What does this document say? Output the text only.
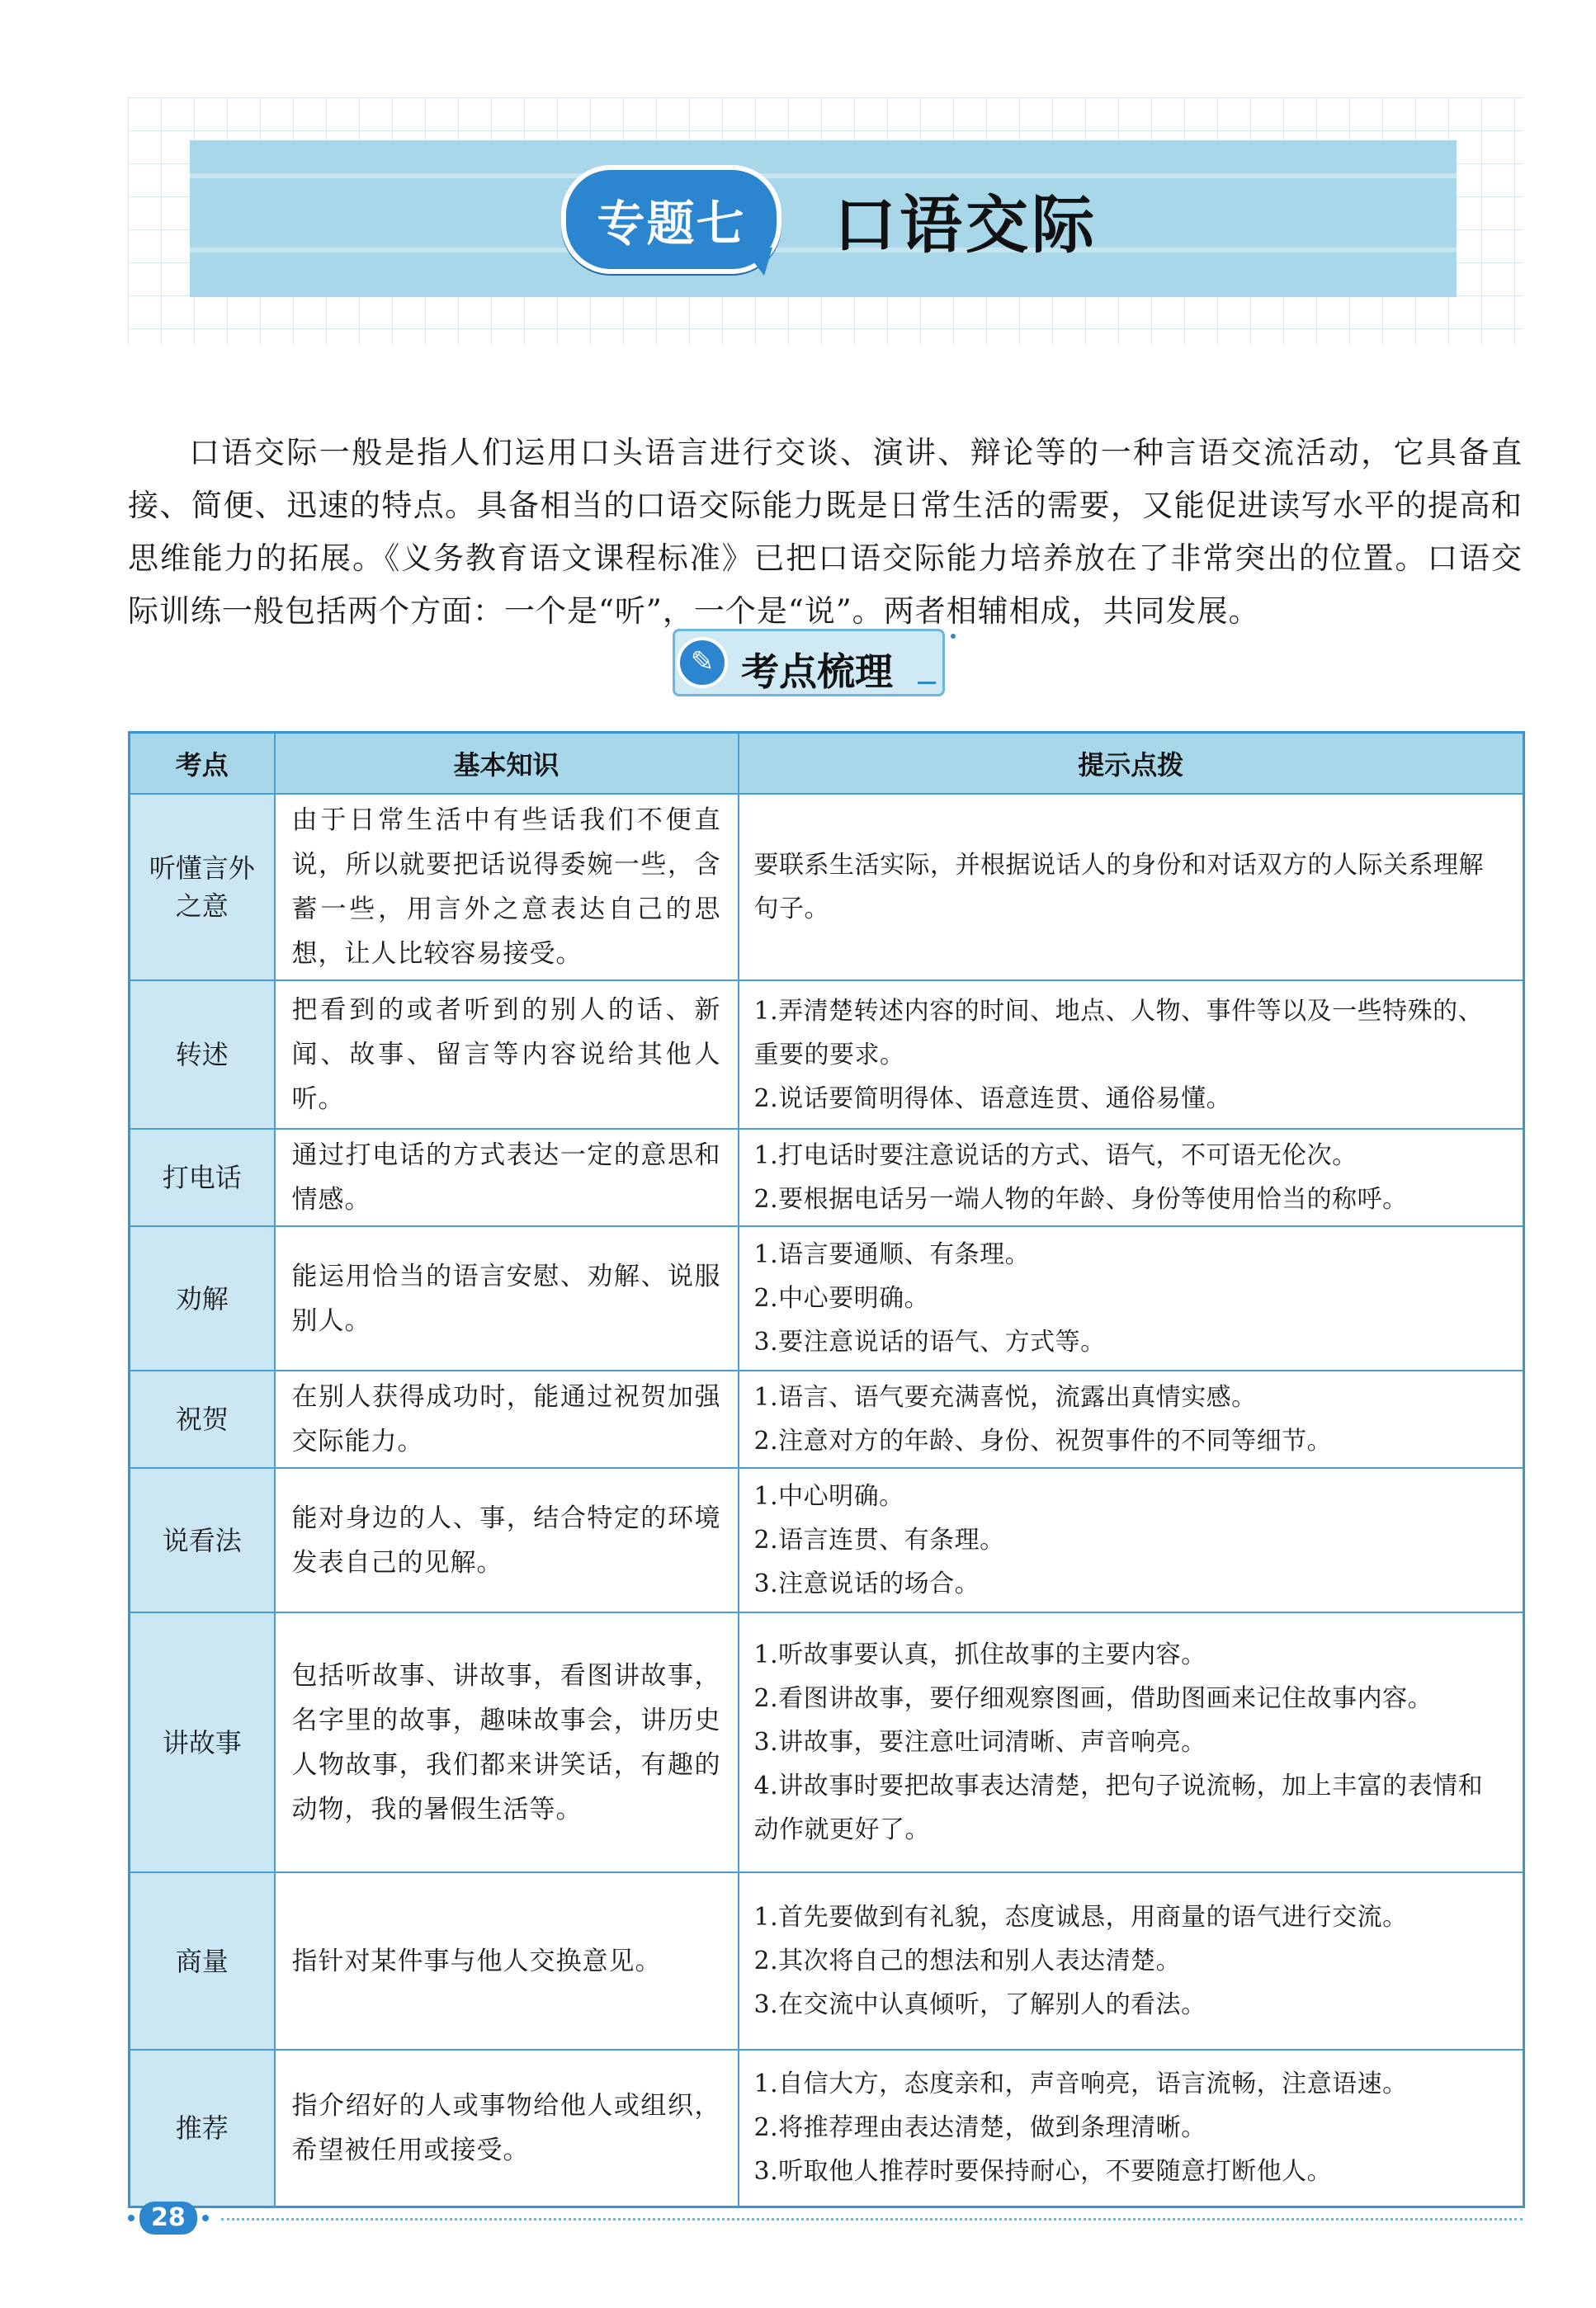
专题七	口语交际

口语交际一般是指人们运用口头语言进行交谈、演讲、辩论等的一种言语交流活动，它具备直接、简便、迅速的特点。具备相当的口语交际能力既是日常生活的需要，又能促进读写水平的提高和思维能力的拓展。《义务教育语文课程标准》已把口语交际能力培养放在了非常突出的位置。口语交际训练一般包括两个方面：一个是“听”，一个是“说”。两者相辅相成，共同发展。

✎ 考点梳理
考点	基本知识	提示点拨
听懂言外之意	由于日常生活中有些话我们不便直说，所以就要把话说得委婉一些，含蓄一些，用言外之意表达自己的思想，让人比较容易接受。	要联系生活实际，并根据说话人的身份和对话双方的人际关系理解句子。

转述	把看到的或者听到的别人的话、新闻、故事、留言等内容说给其他人听。	1.弄清楚转述内容的时间、地点、人物、事件等以及一些特殊的、重要的要求。
2.说话要简明得体、语意连贯、通俗易懂。

打电话	通过打电话的方式表达一定的意思和情感。	1.打电话时要注意说话的方式、语气，不可语无伦次。
2.要根据电话另一端人物的年龄、身份等使用恰当的称呼。

劝解	能运用恰当的语言安慰、劝解、说服别人。	1.语言要通顺、有条理。
2.中心要明确。
3.要注意说话的语气、方式等。

祝贺	在别人获得成功时，能通过祝贺加强交际能力。	1.语言、语气要充满喜悦，流露出真情实感。
2.注意对方的年龄、身份、祝贺事件的不同等细节。

说看法	能对身边的人、事，结合特定的环境发表自己的见解。	1.中心明确。
2.语言连贯、有条理。
3.注意说话的场合。

讲故事	包括听故事、讲故事，看图讲故事，名字里的故事，趣味故事会，讲历史人物故事，我们都来讲笑话，有趣的动物，我的暑假生活等。	1.听故事要认真，抓住故事的主要内容。
2.看图讲故事，要仔细观察图画，借助图画来记住故事内容。
3.讲故事，要注意吐词清晰、声音响亮。
4.讲故事时要把故事表达清楚，把句子说流畅，加上丰富的表情和动作就更好了。

商量	指针对某件事与他人交换意见。	1.首先要做到有礼貌，态度诚恳，用商量的语气进行交流。
2.其次将自己的想法和别人表达清楚。
3.在交流中认真倾听，了解别人的看法。

推荐	指介绍好的人或事物给他人或组织，希望被任用或接受。	1.自信大方，态度亲和，声音响亮，语言流畅，注意语速。
2.将推荐理由表达清楚，做到条理清晰。
3.听取他人推荐时要保持耐心，不要随意打断他人。
28
